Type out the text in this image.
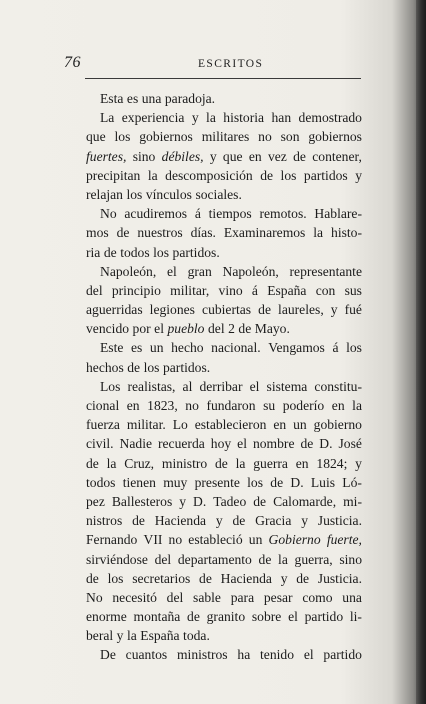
76	ESCRITOS
Esta es una paradoja.
La experiencia y la historia han demostrado
que los gobiernos militares no son gobiernos
fuertes, sino débiles, y que en vez de contener,
precipitan la descomposición de los partidos y
relajan los vínculos sociales.
No acudiremos á tiempos remotos. Hablare-
mos de nuestros días. Examinaremos la histo-
ria de todos los partidos.
Napoleón, el gran Napoleón, representante
del principio militar, vino á España con sus
aguerridas legiones cubiertas de laureles, y fué
vencido por el pueblo del 2 de Mayo.
Este es un hecho nacional. Vengamos á los
hechos de los partidos.
Los realistas, al derribar el sistema constitu-
cional en 1823, no fundaron su poderío en la
fuerza militar. Lo establecieron en un gobierno
civil. Nadie recuerda hoy el nombre de D. José
de la Cruz, ministro de la guerra en 1824; y
todos tienen muy presente los de D. Luis Ló-
pez Ballesteros y D. Tadeo de Calomarde, mi-
nistros de Hacienda y de Gracia y Justicia.
Fernando VII no estableció un Gobierno fuerte,
sirviéndose del departamento de la guerra, sino
de los secretarios de Hacienda y de Justicia.
No necesitó del sable para pesar como una
enorme montaña de granito sobre el partido li-
beral y la España toda.
De cuantos ministros ha tenido el partido
